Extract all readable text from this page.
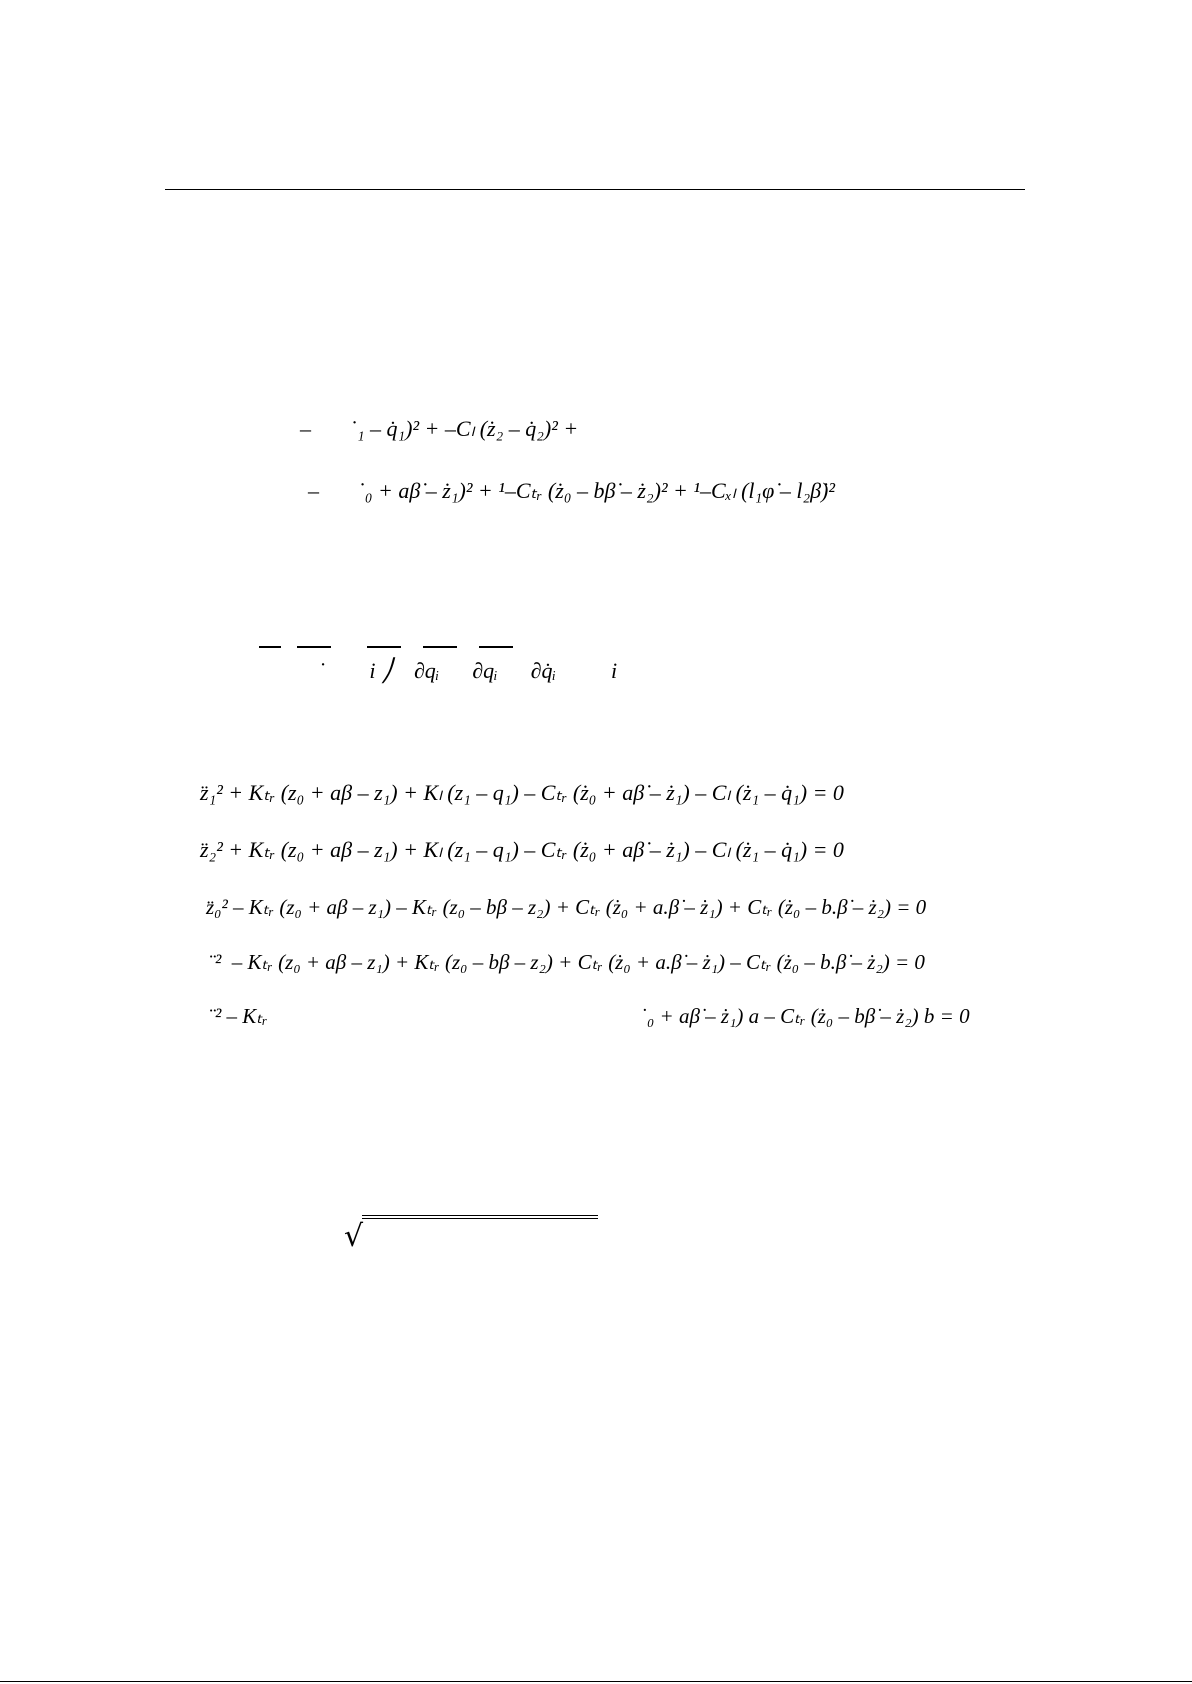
–       ˙₁ – q̇₁)² + –Cₗ (ż₂ – q̇₂)² +
–       ˙₀ + aβ̇ – ż₁)² + ¹–Cₜᵣ (ż₀ – bβ̇ – ż₂)² + ¹–Cₓₗ (l₁φ̇ – l₂β̇)²
˙        i ⎠    ∂qᵢ      ∂qᵢ      ∂q̇ᵢ          i
z̈₁² + Kₜᵣ (z₀ + aβ – z₁) + Kₗ (z₁ – q₁) – Cₜᵣ (ż₀ + aβ̇ – ż₁) – Cₗ (ż₁ – q̇₁) = 0
z̈₂² + Kₜᵣ (z₀ + aβ – z₁) + Kₗ (z₁ – q₁) – Cₜᵣ (ż₀ + aβ̇ – ż₁) – Cₗ (ż₁ – q̇₁) = 0
z̈₀² – Kₜᵣ (z₀ + aβ – z₁) – Kₜᵣ (z₀ – bβ – z₂) + Cₜᵣ (ż₀ + a.β̇ – ż₁) + Cₜᵣ (ż₀ – b.β̇ – ż₂) = 0
¨²  – Kₜᵣ (z₀ + aβ – z₁) + Kₜᵣ (z₀ – bβ – z₂) + Cₜᵣ (ż₀ + a.β̇ – ż₁) – Cₜᵣ (ż₀ – b.β̇ – ż₂) = 0
¨² – Kₜᵣ	˙₀ + aβ̇ – ż₁) a – Cₜᵣ (ż₀ – bβ̇ – ż₂) b = 0
√
